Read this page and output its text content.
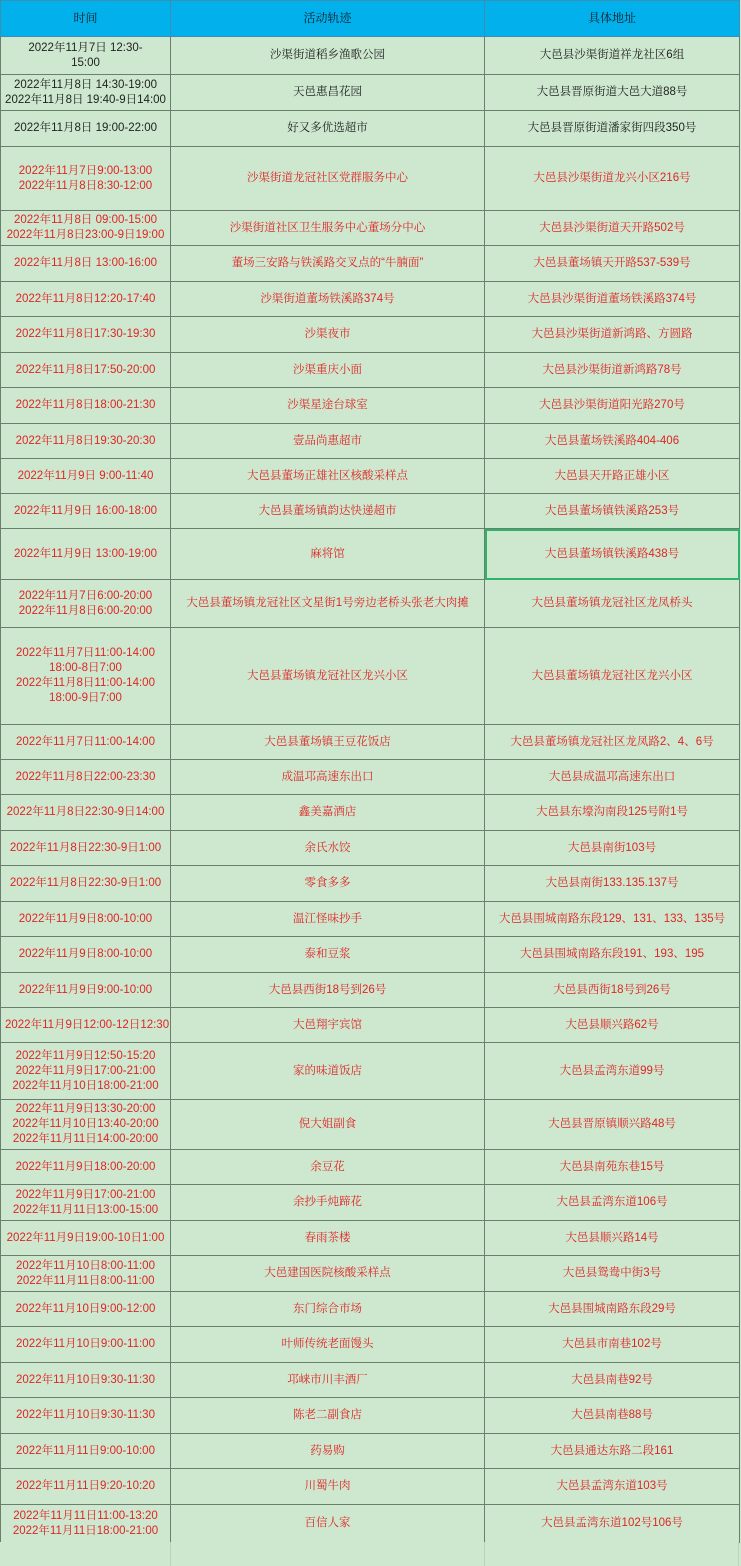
时间	活动轨迹	具体地址

2022年11月7日 12:30-
15:00	沙渠街道稻乡渔歌公园	大邑县沙渠街道祥龙社区6组

2022年11月8日 14:30-19:00
2022年11月8日 19:40-9日14:00	天邑惠昌花园	大邑县晋原街道大邑大道88号

2022年11月8日 19:00-22:00	好又多优选超市	大邑县晋原街道潘家街四段350号

2022年11月7日9:00-13:00
2022年11月8日8:30-12:00	沙渠街道龙冠社区党群服务中心	大邑县沙渠街道龙兴小区216号

2022年11月8日 09:00-15:00
2022年11月8日23:00-9日19:00	沙渠街道社区卫生服务中心董场分中心	大邑县沙渠街道天开路502号

2022年11月8日 13:00-16:00	董场三安路与铁溪路交叉点的“牛腩面”	大邑县董场镇天开路537-539号

2022年11月8日12:20-17:40	沙渠街道董场铁溪路374号	大邑县沙渠街道董场铁溪路374号

2022年11月8日17:30-19:30	沙渠夜市	大邑县沙渠街道新鸿路、方圆路

2022年11月8日17:50-20:00	沙渠重庆小面	大邑县沙渠街道新鸿路78号

2022年11月8日18:00-21:30	沙渠星途台球室	大邑县沙渠街道阳光路270号

2022年11月8日19:30-20:30	壹品尚惠超市	大邑县董场铁溪路404-406

2022年11月9日 9:00-11:40	大邑县董场正雄社区核酸采样点	大邑县天开路正雄小区

2022年11月9日 16:00-18:00	大邑县董场镇韵达快递超市	大邑县董场镇铁溪路253号

2022年11月9日 13:00-19:00	麻将馆	大邑县董场镇铁溪路438号

2022年11月7日6:00-20:00
2022年11月8日6:00-20:00	大邑县董场镇龙冠社区文星街1号旁边老桥头张老大肉摊	大邑县董场镇龙冠社区龙凤桥头

2022年11月7日11:00-14:00
18:00-8日7:00
2022年11月8日11:00-14:00
18:00-9日7:00	大邑县董场镇龙冠社区龙兴小区	大邑县董场镇龙冠社区龙兴小区

2022年11月7日11:00-14:00	大邑县董场镇王豆花饭店	大邑县董场镇龙冠社区龙凤路2、4、6号

2022年11月8日22:00-23:30	成温邛高速东出口	大邑县成温邛高速东出口

2022年11月8日22:30-9日14:00	鑫美嘉酒店	大邑县东壕沟南段125号附1号

2022年11月8日22:30-9日1:00	余氏水饺	大邑县南街103号

2022年11月8日22:30-9日1:00	零食多多	大邑县南街133.135.137号

2022年11月9日8:00-10:00	温江怪味抄手	大邑县围城南路东段129、131、133、135号

2022年11月9日8:00-10:00	泰和豆浆	大邑县围城南路东段191、193、195

2022年11月9日9:00-10:00	大邑县西街18号到26号	大邑县西街18号到26号

2022年11月9日12:00-12日12:30	大邑翔宇宾馆	大邑县顺兴路62号

2022年11月9日12:50-15:20
2022年11月9日17:00-21:00
2022年11月10日18:00-21:00	家的味道饭店	大邑县孟湾东道99号

2022年11月9日13:30-20:00
2022年11月10日13:40-20:00
2022年11月11日14:00-20:00	倪大姐副食	大邑县晋原镇顺兴路48号

2022年11月9日18:00-20:00	余豆花	大邑县南苑东巷15号

2022年11月9日17:00-21:00
2022年11月11日13:00-15:00	余抄手炖蹄花	大邑县孟湾东道106号

2022年11月9日19:00-10日1:00	春雨茶楼	大邑县顺兴路14号

2022年11月10日8:00-11:00
2022年11月11日8:00-11:00	大邑建国医院核酸采样点	大邑县鸳鸯中街3号

2022年11月10日9:00-12:00	东门综合市场	大邑县围城南路东段29号

2022年11月10日9:00-11:00	叶师传统老面馒头	大邑县市南巷102号

2022年11月10日9:30-11:30	邛崃市川丰酒厂	大邑县南巷92号

2022年11月10日9:30-11:30	陈老二副食店	大邑县南巷88号

2022年11月11日9:00-10:00	药易购	大邑县通达东路二段161

2022年11月11日9:20-10:20	川蜀牛肉	大邑县孟湾东道103号

2022年11月11日11:00-13:20
2022年11月11日18:00-21:00	百信人家	大邑县孟湾东道102号106号
